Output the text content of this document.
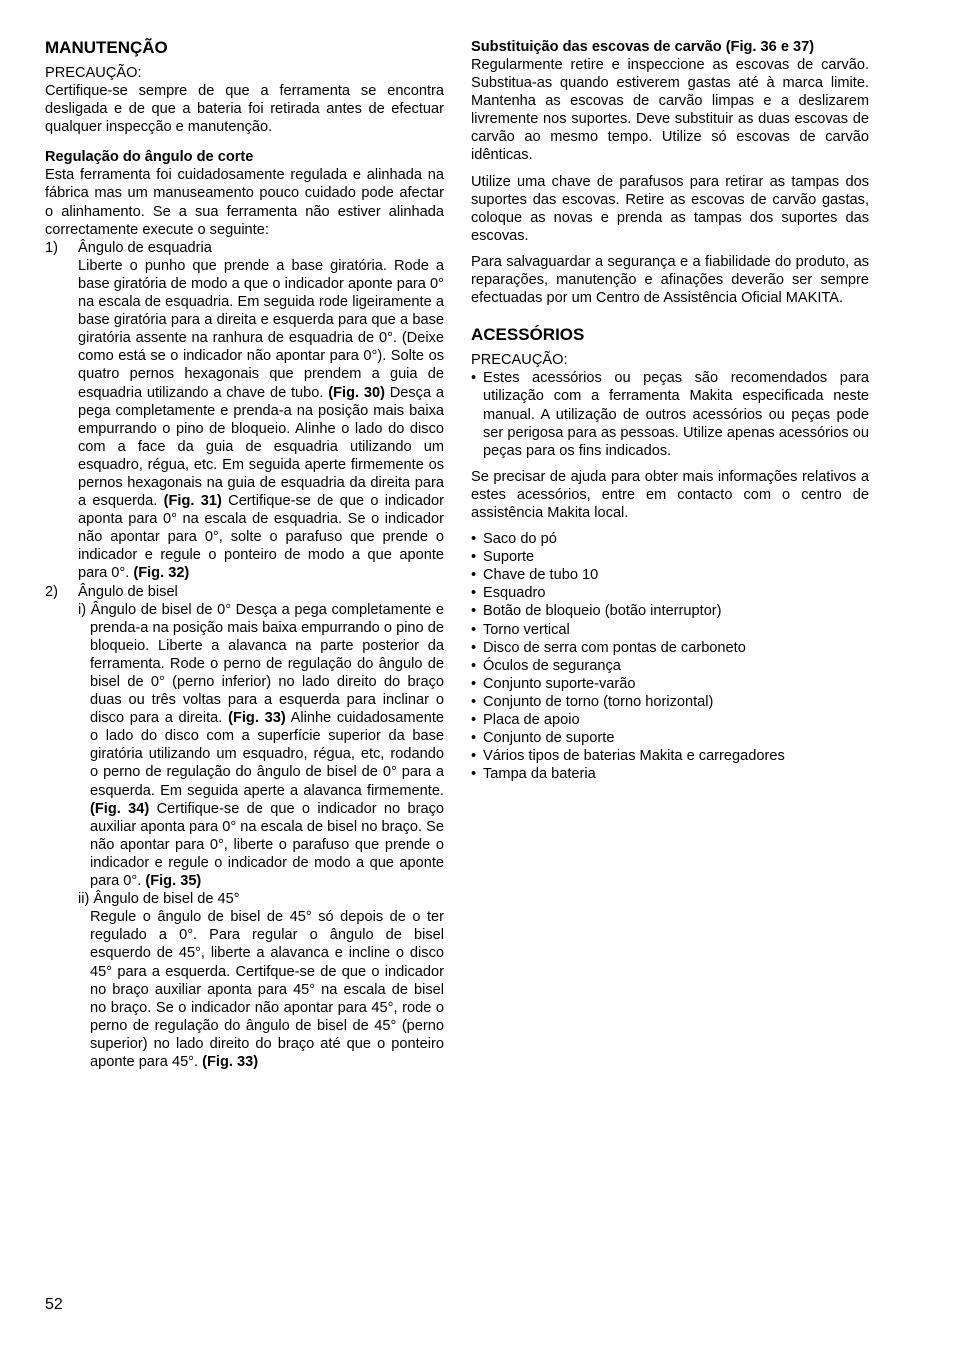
MANUTENÇÃO
PRECAUÇÃO:

Certifique-se sempre de que a ferramenta se encontra desligada e de que a bateria foi retirada antes de efectuar qualquer inspecção e manutenção.

Regulação do ângulo de corte

Esta ferramenta foi cuidadosamente regulada e alinhada na fábrica mas um manuseamento pouco cuidado pode afectar o alinhamento. Se a sua ferramenta não estiver alinhada correctamente execute o seguinte:

1)	Ângulo de esquadria

Liberte o punho que prende a base giratória. Rode a base giratória de modo a que o indicador aponte para 0° na escala de esquadria. Em seguida rode ligeiramente a base giratória para a direita e esquerda para que a base giratória assente na ranhura de esquadria de 0°. (Deixe como está se o indicador não apontar para 0°). Solte os quatro pernos hexagonais que prendem a guia de esquadria utilizando a chave de tubo. (Fig. 30) Desça a pega completamente e prenda-a na posição mais baixa empurrando o pino de bloqueio. Alinhe o lado do disco com a face da guia de esquadria utilizando um esquadro, régua, etc. Em seguida aperte firmemente os pernos hexagonais na guia de esquadria da direita para a esquerda. (Fig. 31) Certifique-se de que o indicador aponta para 0° na escala de esquadria. Se o indicador não apontar para 0°, solte o parafuso que prende o indicador e regule o ponteiro de modo a que aponte para 0°. (Fig. 32)

2)	Ângulo de bisel

i) Ângulo de bisel de 0° Desça a pega completamente e prenda-a na posição mais baixa empurrando o pino de bloqueio. Liberte a alavanca na parte posterior da ferramenta. Rode o perno de regulação do ângulo de bisel de 0° (perno inferior) no lado direito do braço duas ou três voltas para a esquerda para inclinar o disco para a direita. (Fig. 33) Alinhe cuidadosamente o lado do disco com a superfície superior da base giratória utilizando um esquadro, régua, etc, rodando o perno de regulação do ângulo de bisel de 0° para a esquerda. Em seguida aperte a alavanca firmemente. (Fig. 34) Certifique-se de que o indicador no braço auxiliar aponta para 0° na escala de bisel no braço. Se não apontar para 0°, liberte o parafuso que prende o indicador e regule o indicador de modo a que aponte para 0°. (Fig. 35)

ii) Ângulo de bisel de 45°

Regule o ângulo de bisel de 45° só depois de o ter regulado a 0°. Para regular o ângulo de bisel esquerdo de 45°, liberte a alavanca e incline o disco 45° para a esquerda. Certifque-se de que o indicador no braço auxiliar aponta para 45° na escala de bisel no braço. Se o indicador não apontar para 45°, rode o perno de regulação do ângulo de bisel de 45° (perno superior) no lado direito do braço até que o ponteiro aponte para 45°. (Fig. 33)

Substituição das escovas de carvão (Fig. 36 e 37)

Regularmente retire e inspeccione as escovas de carvão. Substitua-as quando estiverem gastas até à marca limite. Mantenha as escovas de carvão limpas e a deslizarem livremente nos suportes. Deve substituir as duas escovas de carvão ao mesmo tempo. Utilize só escovas de carvão idênticas.

Utilize uma chave de parafusos para retirar as tampas dos suportes das escovas. Retire as escovas de carvão gastas, coloque as novas e prenda as tampas dos suportes das escovas.

Para salvaguardar a segurança e a fiabilidade do produto, as reparações, manutenção e afinações deverão ser sempre efectuadas por um Centro de Assistência Oficial MAKITA.

ACESSÓRIOS
PRECAUÇÃO:
• Estes acessórios ou peças são recomendados para utilização com a ferramenta Makita especificada neste manual. A utilização de outros acessórios ou peças pode ser perigosa para as pessoas. Utilize apenas acessórios ou peças para os fins indicados.

Se precisar de ajuda para obter mais informações relativos a estes acessórios, entre em contacto com o centro de assistência Makita local.

• Saco do pó
• Suporte
• Chave de tubo 10
• Esquadro
• Botão de bloqueio (botão interruptor)
• Torno vertical
• Disco de serra com pontas de carboneto
• Óculos de segurança
• Conjunto suporte-varão
• Conjunto de torno (torno horizontal)
• Placa de apoio
• Conjunto de suporte
• Vários tipos de baterias Makita e carregadores
• Tampa da bateria
52
